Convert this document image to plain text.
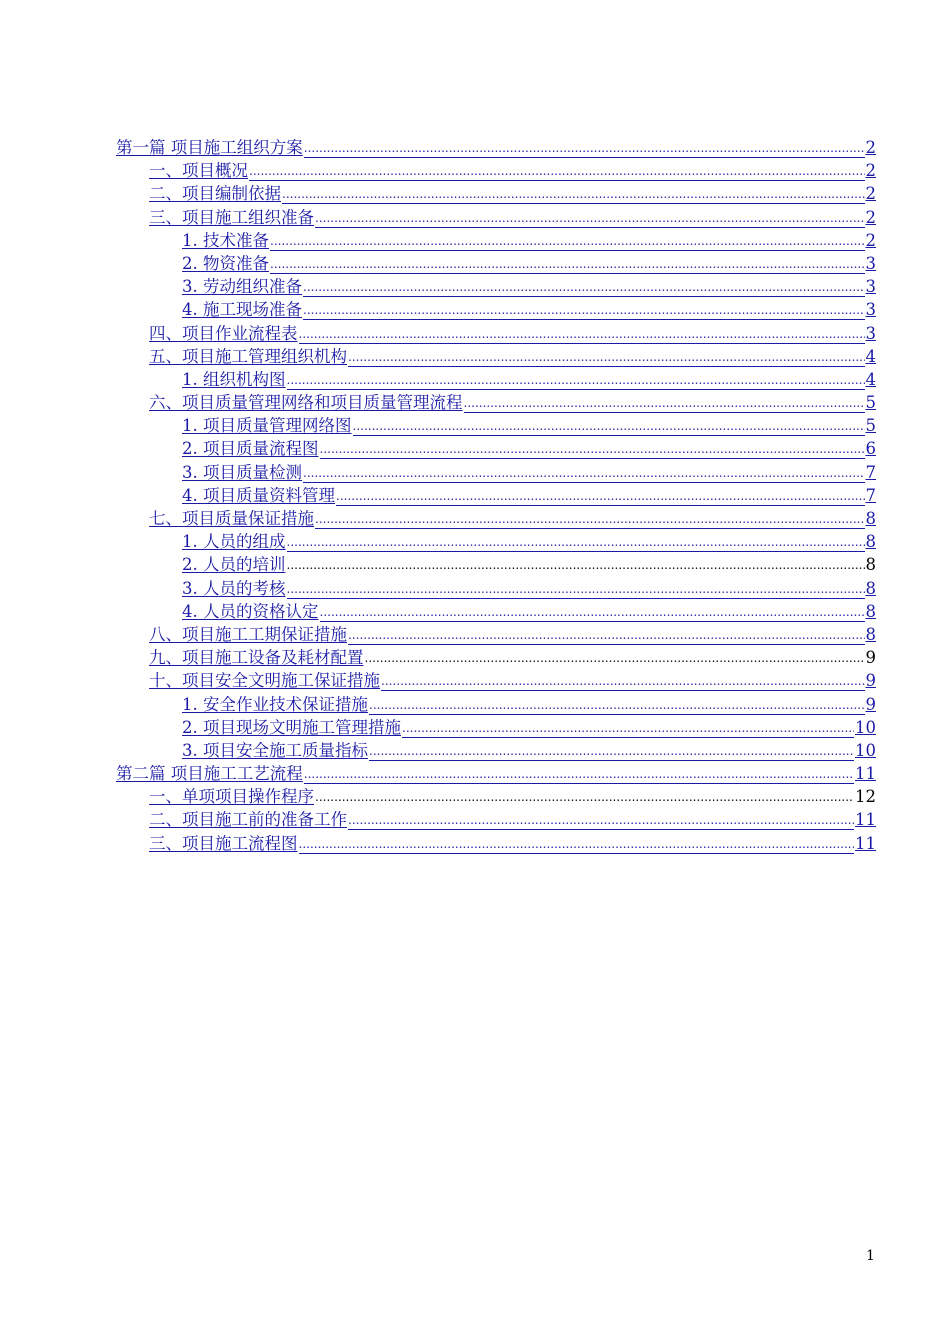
第一篇 项目施工组织方案 .....	2
一、项目概况 .....	2
二、项目编制依据 .....	2
三、项目施工组织准备 .....	2
1. 技术准备 .....	2
2. 物资准备 .....	3
3. 劳动组织准备 .....	3
4. 施工现场准备 .....	3
四、项目作业流程表 .....	3
五、项目施工管理组织机构 .....	4
1. 组织机构图 .....	4
六、项目质量管理网络和项目质量管理流程 .....	5
1. 项目质量管理网络图 .....	5
2. 项目质量流程图 .....	6
3. 项目质量检测 .....	7
4. 项目质量资料管理 .....	7
七、项目质量保证措施 .....	8
1. 人员的组成 .....	8
2. 人员的培训 .....	8
3. 人员的考核 .....	8
4. 人员的资格认定 .....	8
八、项目施工工期保证措施 .....	8
九、项目施工设备及耗材配置 .....	9
十、项目安全文明施工保证措施 .....	9
1. 安全作业技术保证措施 .....	9
2. 项目现场文明施工管理措施 .....	10
3. 项目安全施工质量指标 .....	10
第二篇 项目施工工艺流程 .....	11
一、单项项目操作程序 .....	12
二、项目施工前的准备工作 .....	11
三、项目施工流程图 .....	11
1
